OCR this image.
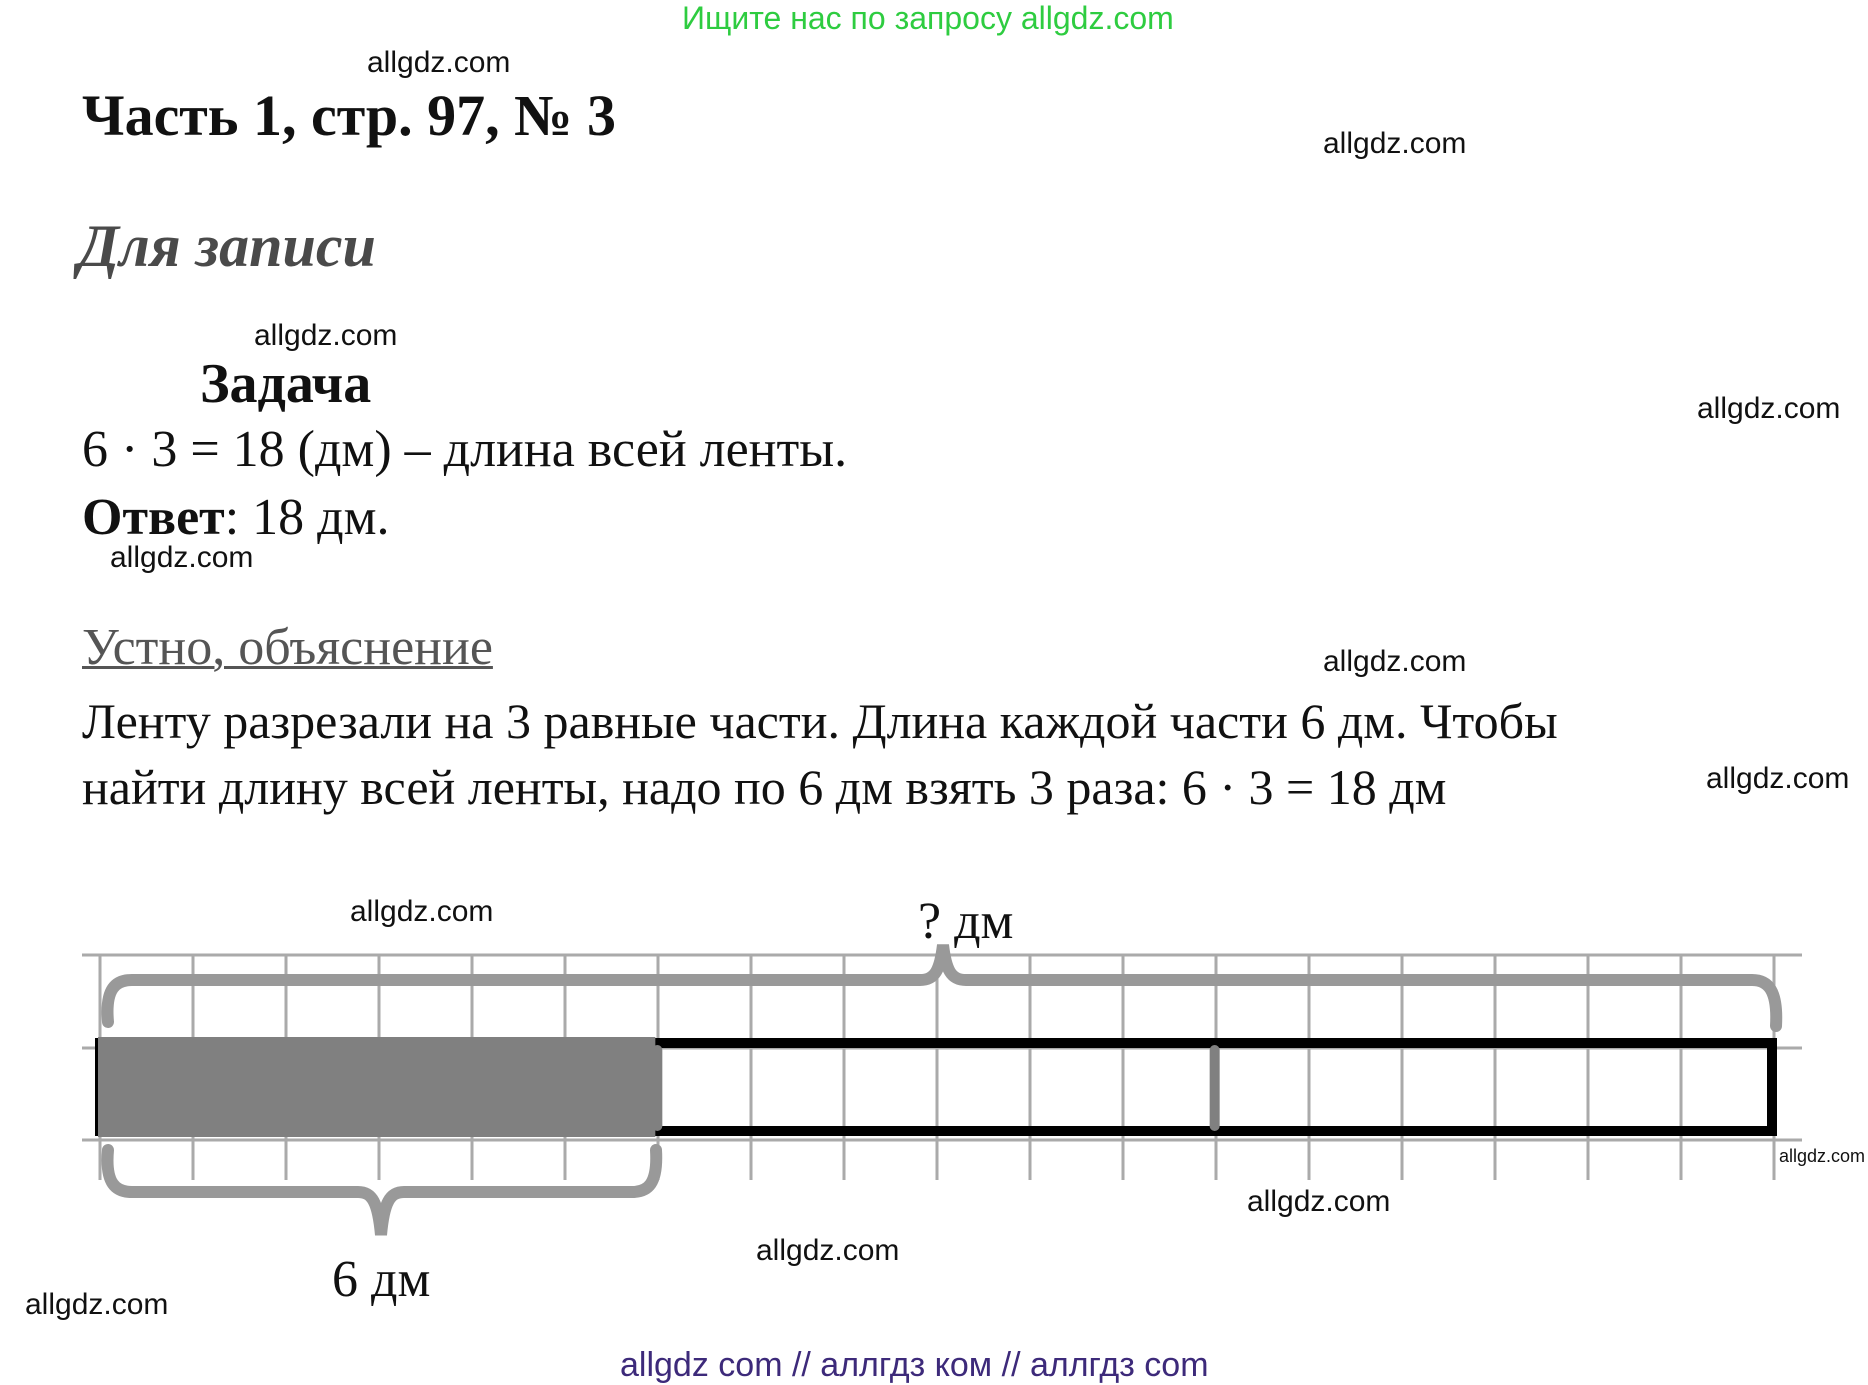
Ищите нас по запросу allgdz.com
Часть 1, стр. 97, № 3
Для записи
Задача
6 · 3 = 18 (дм) – длина всей ленты.
Ответ: 18 дм.
Устно, объяснение
Ленту разрезали на 3 равные части. Длина каждой части 6 дм. Чтобы
найти длину всей ленты, надо по 6 дм взять 3 раза: 6 · 3 = 18 дм
? дм
6 дм
allgdz.com
allgdz.com
allgdz.com
allgdz.com
allgdz.com
allgdz.com
allgdz.com
allgdz.com
allgdz.com
allgdz.com
allgdz.com
allgdz.com
allgdz com // аллгдз ком // аллгдз com
